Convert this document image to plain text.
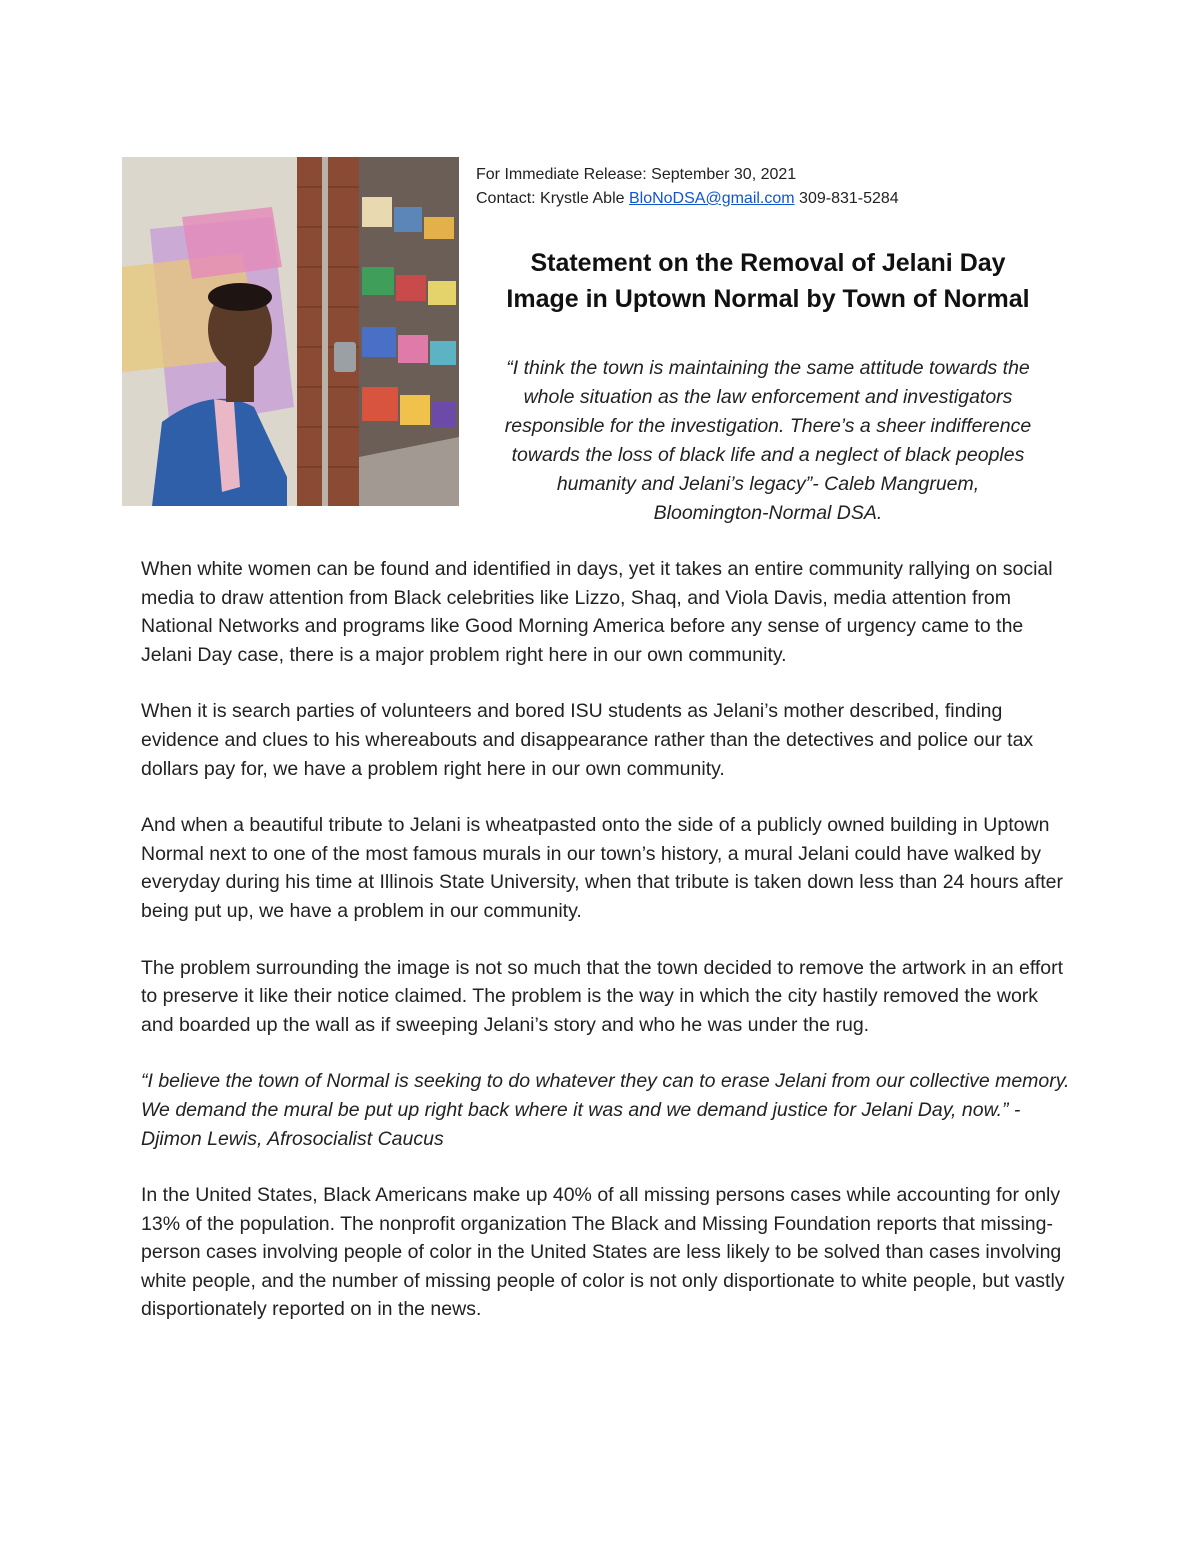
For Immediate Release: September 30, 2021
Contact: Krystle Able BloNoDSA@gmail.com 309-831-5284
Statement on the Removal of Jelani Day
Image in Uptown Normal by Town of Normal

“I think the town is maintaining the same attitude towards the
whole situation as the law enforcement and investigators
responsible for the investigation. There’s a sheer indifference
towards the loss of black life and a neglect of black peoples
humanity and Jelani’s legacy”- Caleb Mangruem,
Bloomington-Normal DSA.

When white women can be found and identified in days, yet it takes an entire community rallying on social media to draw attention from Black celebrities like Lizzo, Shaq, and Viola Davis, media attention from National Networks and programs like Good Morning America before any sense of urgency came to the Jelani Day case, there is a major problem right here in our own community.

When it is search parties of volunteers and bored ISU students as Jelani’s mother described, finding evidence and clues to his whereabouts and disappearance rather than the detectives and police our tax dollars pay for, we have a problem right here in our own community.

And when a beautiful tribute to Jelani is wheatpasted onto the side of a publicly owned building in Uptown Normal next to one of the most famous murals in our town’s history, a mural Jelani could have walked by everyday during his time at Illinois State University, when that tribute is taken down less than 24 hours after being put up, we have a problem in our community.

The problem surrounding the image is not so much that the town decided to remove the artwork in an effort to preserve it like their notice claimed. The problem is the way in which the city hastily removed the work and boarded up the wall as if sweeping Jelani’s story and who he was under the rug.

“I believe the town of Normal is seeking to do whatever they can to erase Jelani from our collective memory. We demand the mural be put up right back where it was and we demand justice for Jelani Day, now.” -Djimon Lewis, Afrosocialist Caucus

In the United States, Black Americans make up 40% of all missing persons cases while accounting for only 13% of the population. The nonprofit organization The Black and Missing Foundation reports that missing-person cases involving people of color in the United States are less likely to be solved than cases involving white people, and the number of missing people of color is not only disportionate to white people, but vastly disportionately reported on in the news.
